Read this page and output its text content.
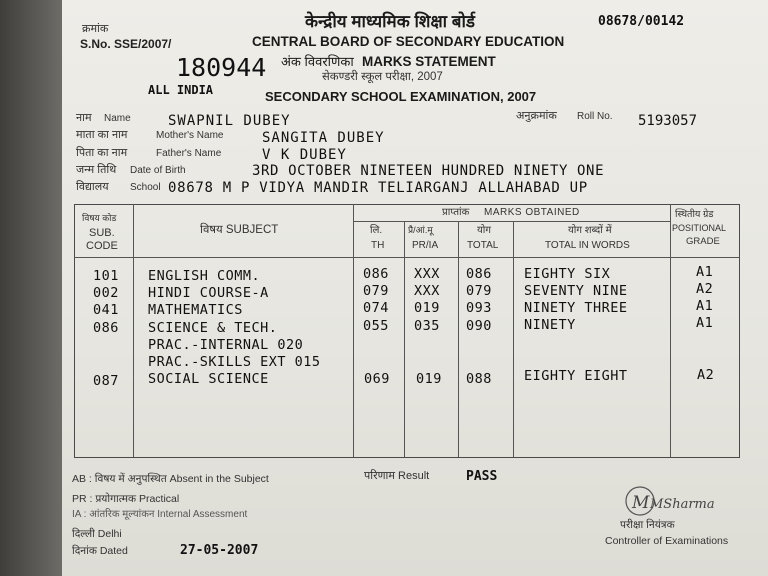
क्रमांक
S.No. SSE/2007/
180944
केन्द्रीय माध्यमिक शिक्षा बोर्ड
CENTRAL BOARD OF SECONDARY EDUCATION
अंक विवरणिका MARKS STATEMENT
सेकण्डरी स्कूल परीक्षा, 2007
SECONDARY SCHOOL EXAMINATION, 2007
08678/00142
ALL INDIA
नाम Name	SWAPNIL DUBEY	अनुक्रमांक Roll No. 5193057
माता का नाम	Mother's Name	SANGITA DUBEY
पिता का नाम	Father's Name	V K DUBEY
जन्म तिथि Date of Birth	3RD OCTOBER NINETEEN HUNDRED NINETY ONE
विद्यालय School 08678 M P VIDYA MANDIR TELIARGANJ ALLAHABAD UP
विषय कोड
SUB.
CODE
विषय SUBJECT
प्राप्तांक MARKS OBTAINED
लि.
TH
प्रै/आं.मू
PR/IA
योग
TOTAL
योग शब्दों में
TOTAL IN WORDS
स्थितीय ग्रेड
POSITIONAL
GRADE
101 ENGLISH COMM.	086 XXX 086 EIGHTY SIX	A1
002 HINDI COURSE-A	079 XXX 079 SEVENTY NINE	A2
041 MATHEMATICS	074 019 093 NINETY THREE	A1
086 SCIENCE & TECH.	055 035 090 NINETY	A1
PRAC.-INTERNAL 020
PRAC.-SKILLS EXT 015
087 SOCIAL SCIENCE	069 019 088 EIGHTY EIGHT	A2
AB : विषय में अनुपस्थित Absent in the Subject
PR : प्रयोगात्मक Practical
IA : आंतरिक मूल्यांकन Internal Assessment
दिल्ली Delhi
दिनांक Dated	27-05-2007
परिणाम Result	PASS
M MSharma
परीक्षा नियंत्रक
Controller of Examinations
